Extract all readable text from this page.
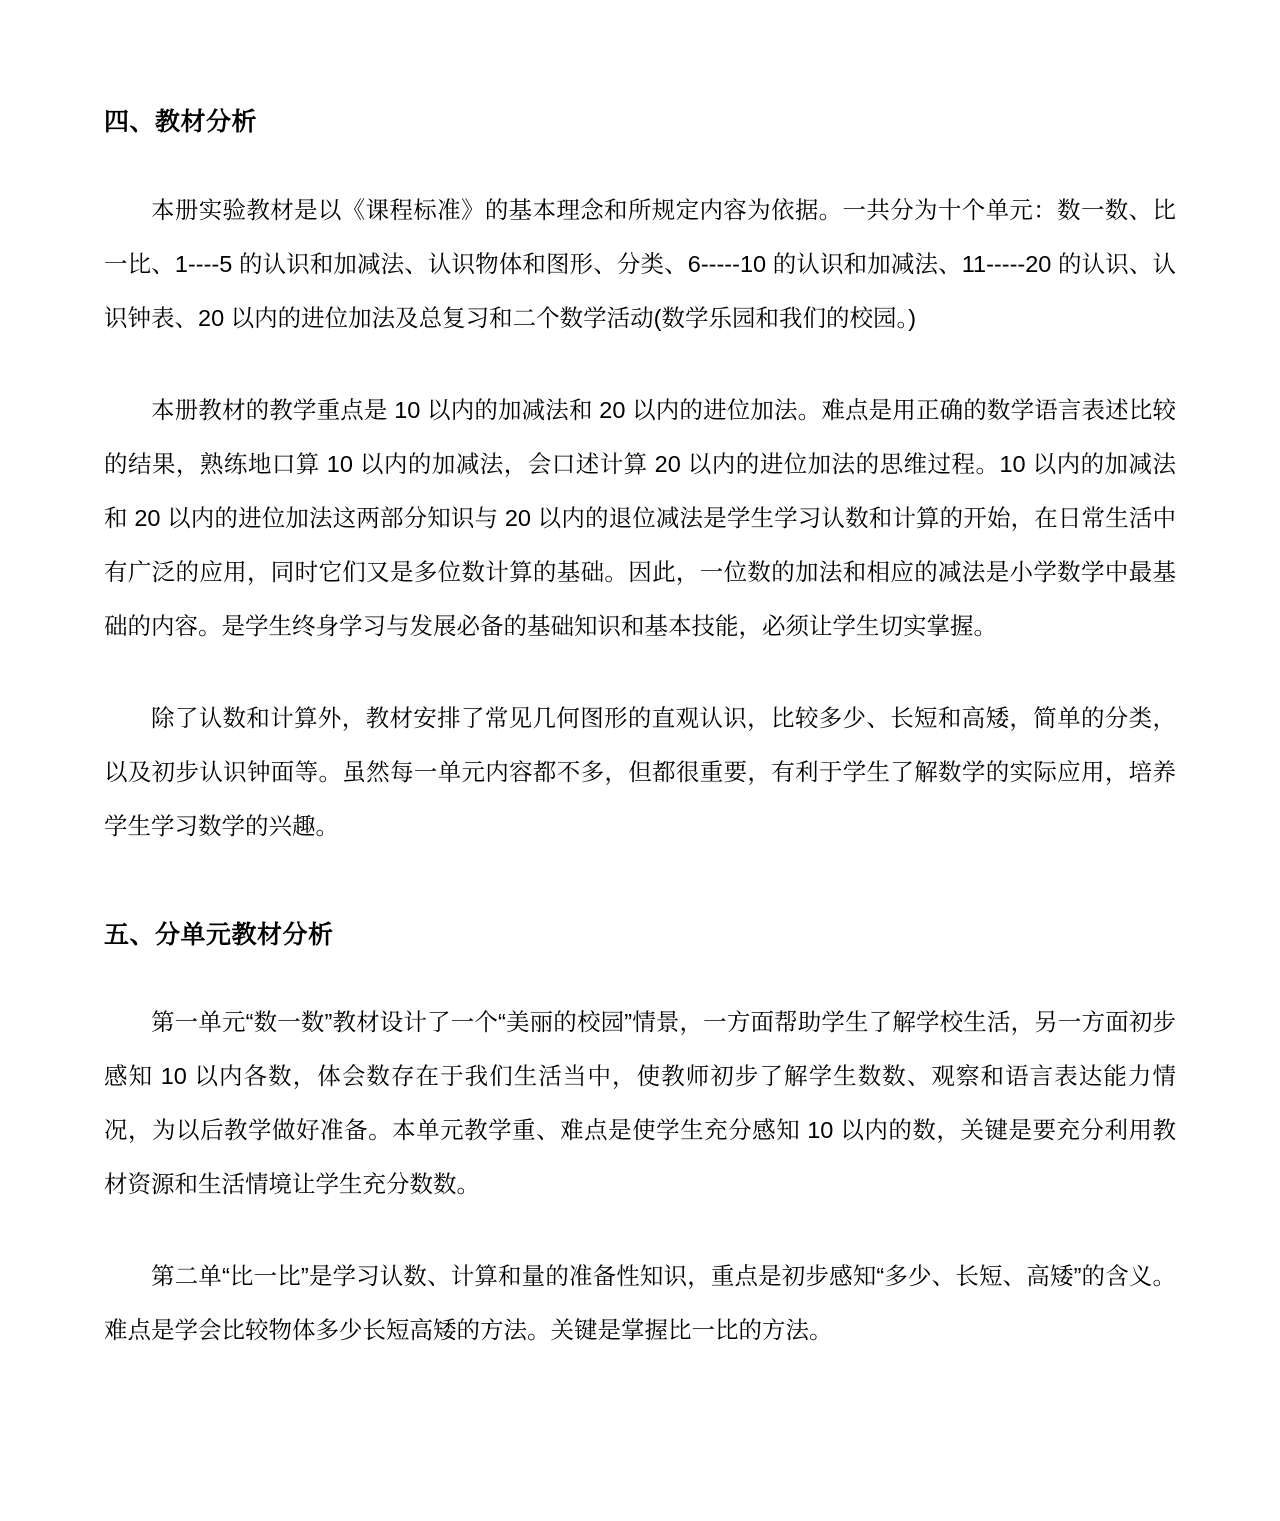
四、教材分析

本册实验教材是以《课程标准》的基本理念和所规定内容为依据。一共分为十个单元：数一数、比一比、1----5 的认识和加减法、认识物体和图形、分类、6-----10 的认识和加减法、11-----20 的认识、认识钟表、20 以内的进位加法及总复习和二个数学活动(数学乐园和我们的校园。)

本册教材的教学重点是 10 以内的加减法和 20 以内的进位加法。难点是用正确的数学语言表述比较的结果，熟练地口算 10 以内的加减法，会口述计算 20 以内的进位加法的思维过程。10 以内的加减法和 20 以内的进位加法这两部分知识与 20 以内的退位减法是学生学习认数和计算的开始，在日常生活中有广泛的应用，同时它们又是多位数计算的基础。因此，一位数的加法和相应的减法是小学数学中最基础的内容。是学生终身学习与发展必备的基础知识和基本技能，必须让学生切实掌握。

除了认数和计算外，教材安排了常见几何图形的直观认识，比较多少、长短和高矮，简单的分类，以及初步认识钟面等。虽然每一单元内容都不多，但都很重要，有利于学生了解数学的实际应用，培养学生学习数学的兴趣。

五、分单元教材分析

第一单元“数一数”教材设计了一个“美丽的校园”情景，一方面帮助学生了解学校生活，另一方面初步感知 10 以内各数，体会数存在于我们生活当中，使教师初步了解学生数数、观察和语言表达能力情况，为以后教学做好准备。本单元教学重、难点是使学生充分感知 10 以内的数，关键是要充分利用教材资源和生活情境让学生充分数数。

第二单“比一比”是学习认数、计算和量的准备性知识，重点是初步感知“多少、长短、高矮”的含义。难点是学会比较物体多少长短高矮的方法。关键是掌握比一比的方法。
